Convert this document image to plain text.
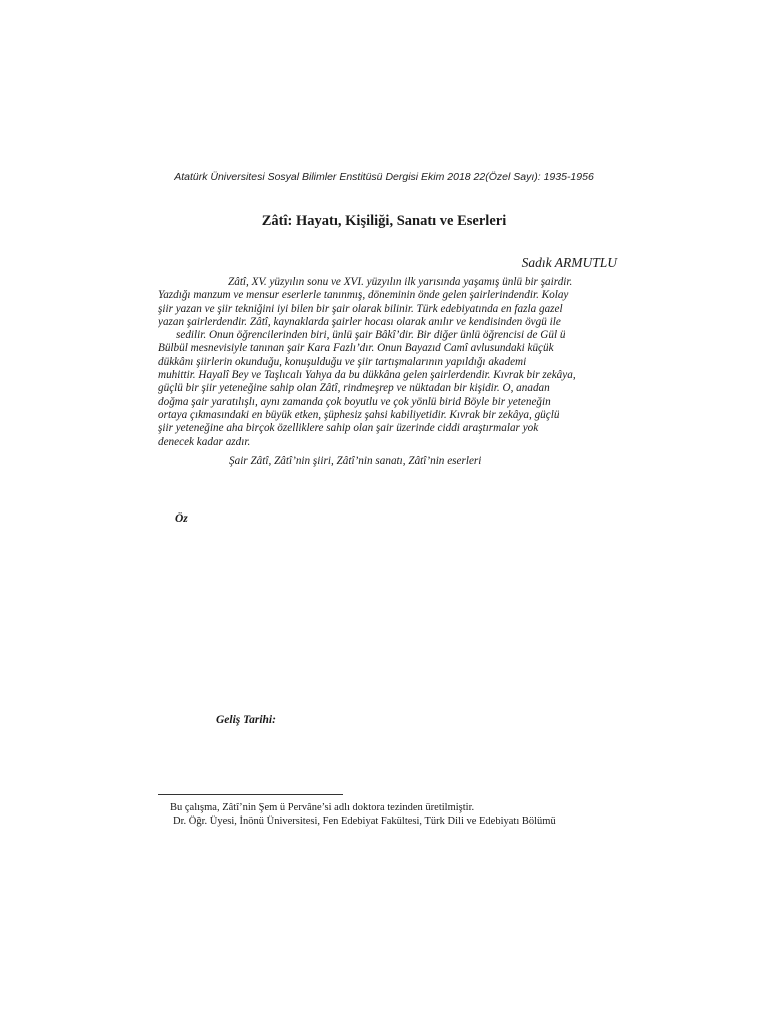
Atatürk Üniversitesi Sosyal Bilimler Enstitüsü Dergisi Ekim 2018 22(Özel Sayı): 1935-1956
Zâtî: Hayatı, Kişiliği, Sanatı ve Eserleri
Sadık ARMUTLU
Zâtî, XV. yüzyılın sonu ve XVI. yüzyılın ilk yarısında yaşamış ünlü bir şairdir.
Yazdığı manzum ve mensur eserlerle tanınmış, döneminin önde gelen şairlerindendir. Kolay
şiir yazan ve şiir tekniğini iyi bilen bir şair olarak bilinir. Türk edebiyatında en fazla gazel
yazan şairlerdendir. Zâtî, kaynaklarda şairler hocası olarak anılır ve kendisinden övgü ile
sedilir. Onun öğrencilerinden biri, ünlü şair Bâkî’dir. Bir diğer ünlü öğrencisi de Gül ü
Bülbül mesnevisiyle tanınan şair Kara Fazlı’dır. Onun Bayazıd Camî avlusundaki küçük
dükkânı şiirlerin okunduğu, konuşulduğu ve şiir tartışmalarının yapıldığı akademi
muhittir. Hayalî Bey ve Taşlıcalı Yahya da bu dükkâna gelen şairlerdendir. Kıvrak bir zekâya,
güçlü bir şiir yeteneğine sahip olan Zâtî, rindmeşrep ve nüktadan bir kişidir. O, anadan
doğma şair yaratılışlı, aynı zamanda çok boyutlu ve çok yönlü birid Böyle bir yeteneğin
ortaya çıkmasındaki en büyük etken, şüphesiz şahsi kabiliyetidir. Kıvrak bir zekâya, güçlü
şiir yeteneğine aha birçok özelliklere sahip olan şair üzerinde ciddi araştırmalar yok
denecek kadar azdır.
Şair Zâtî, Zâtî’nin şiiri, Zâtî’nin sanatı, Zâtî’nin eserleri
Öz
Geliş Tarihi:
Bu çalışma, Zâtî’nin Şem ü Pervâne’si adlı doktora tezinden üretilmiştir.
Dr. Öğr. Üyesi, İnönü Üniversitesi, Fen Edebiyat Fakültesi, Türk Dili ve Edebiyatı Bölümü
